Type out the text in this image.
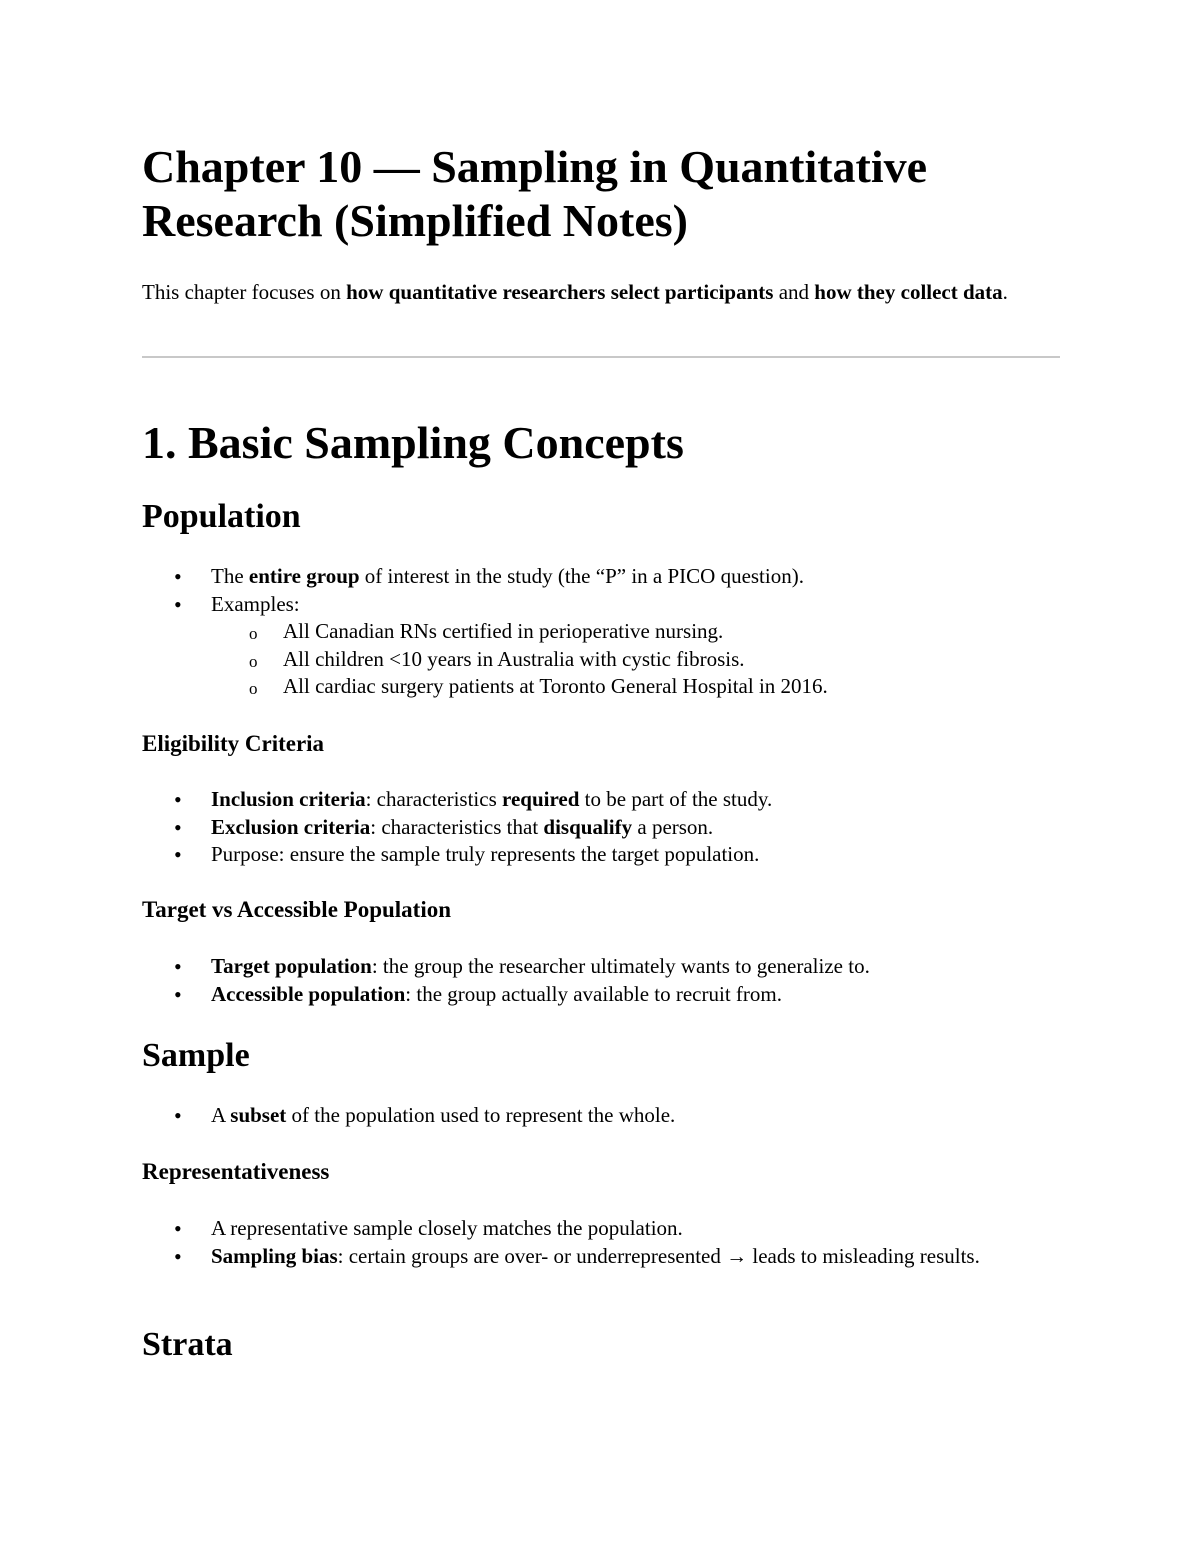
Chapter 10 — Sampling in Quantitative Research (Simplified Notes)

This chapter focuses on how quantitative researchers select participants and how they collect data.

1. Basic Sampling Concepts
Population
• The entire group of interest in the study (the “P” in a PICO question).
• Examples:
o All Canadian RNs certified in perioperative nursing.
o All children <10 years in Australia with cystic fibrosis.
o All cardiac surgery patients at Toronto General Hospital in 2016.
Eligibility Criteria
• Inclusion criteria: characteristics required to be part of the study.
• Exclusion criteria: characteristics that disqualify a person.
• Purpose: ensure the sample truly represents the target population.
Target vs Accessible Population
• Target population: the group the researcher ultimately wants to generalize to.
• Accessible population: the group actually available to recruit from.
Sample
• A subset of the population used to represent the whole.
Representativeness
• A representative sample closely matches the population.
• Sampling bias: certain groups are over- or underrepresented → leads to misleading results.
Strata
